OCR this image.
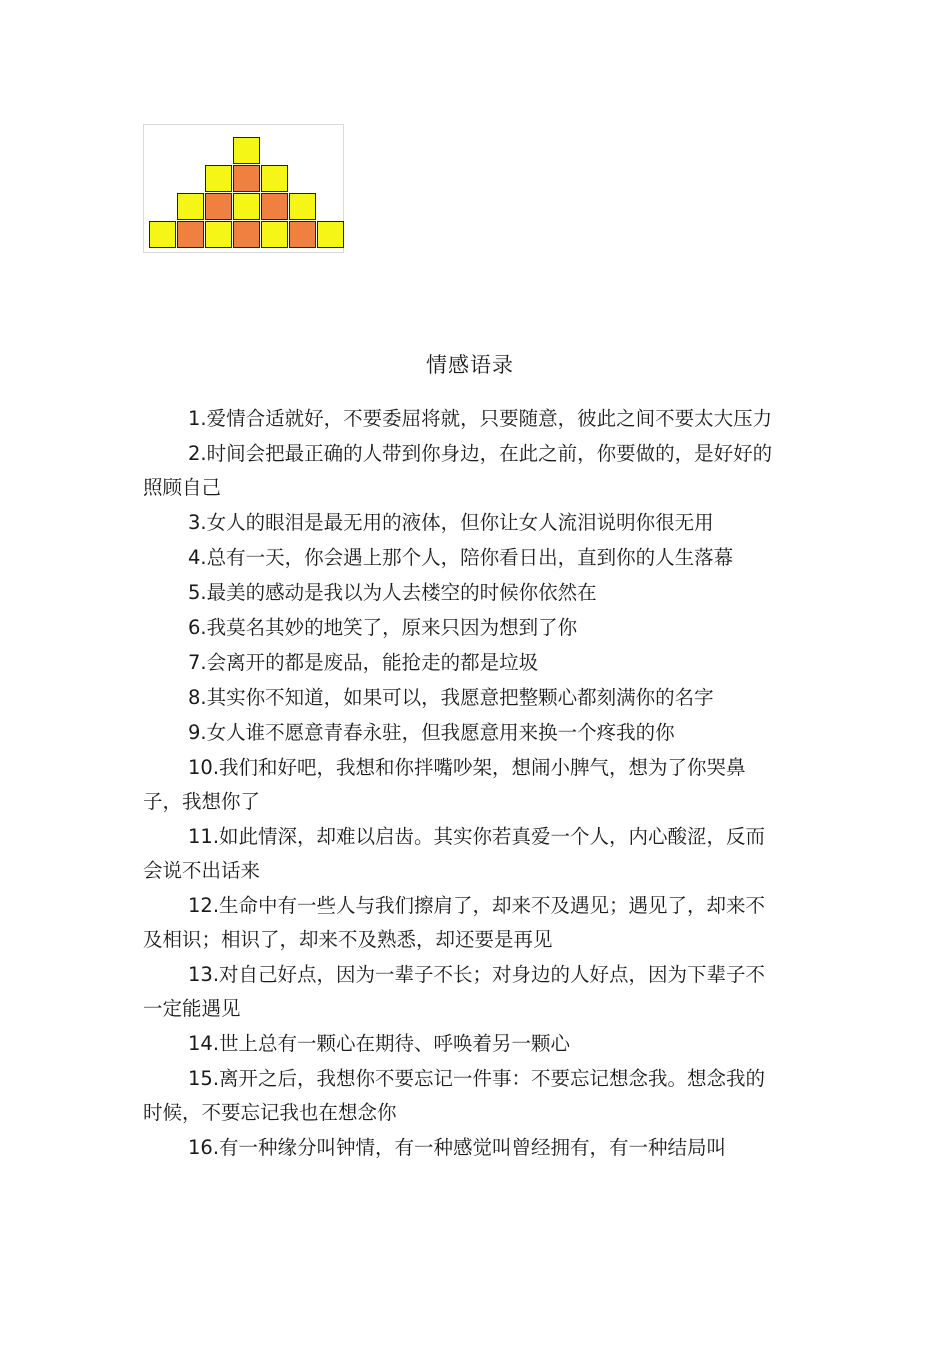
情感语录

1.爱情合适就好，不要委屈将就，只要随意，彼此之间不要太大压力

2.时间会把最正确的人带到你身边，在此之前，你要做的，是好好的照顾自己

3.女人的眼泪是最无用的液体，但你让女人流泪说明你很无用

4.总有一天，你会遇上那个人，陪你看日出，直到你的人生落幕

5.最美的感动是我以为人去楼空的时候你依然在

6.我莫名其妙的地笑了，原来只因为想到了你

7.会离开的都是废品，能抢走的都是垃圾

8.其实你不知道，如果可以，我愿意把整颗心都刻满你的名字

9.女人谁不愿意青春永驻，但我愿意用来换一个疼我的你

10.我们和好吧，我想和你拌嘴吵架，想闹小脾气，想为了你哭鼻子，我想你了

11.如此情深，却难以启齿。其实你若真爱一个人，内心酸涩，反而会说不出话来

12.生命中有一些人与我们擦肩了，却来不及遇见；遇见了，却来不及相识；相识了，却来不及熟悉，却还要是再见

13.对自己好点，因为一辈子不长；对身边的人好点，因为下辈子不一定能遇见

14.世上总有一颗心在期待、呼唤着另一颗心

15.离开之后，我想你不要忘记一件事：不要忘记想念我。想念我的时候，不要忘记我也在想念你

16.有一种缘分叫钟情，有一种感觉叫曾经拥有，有一种结局叫
